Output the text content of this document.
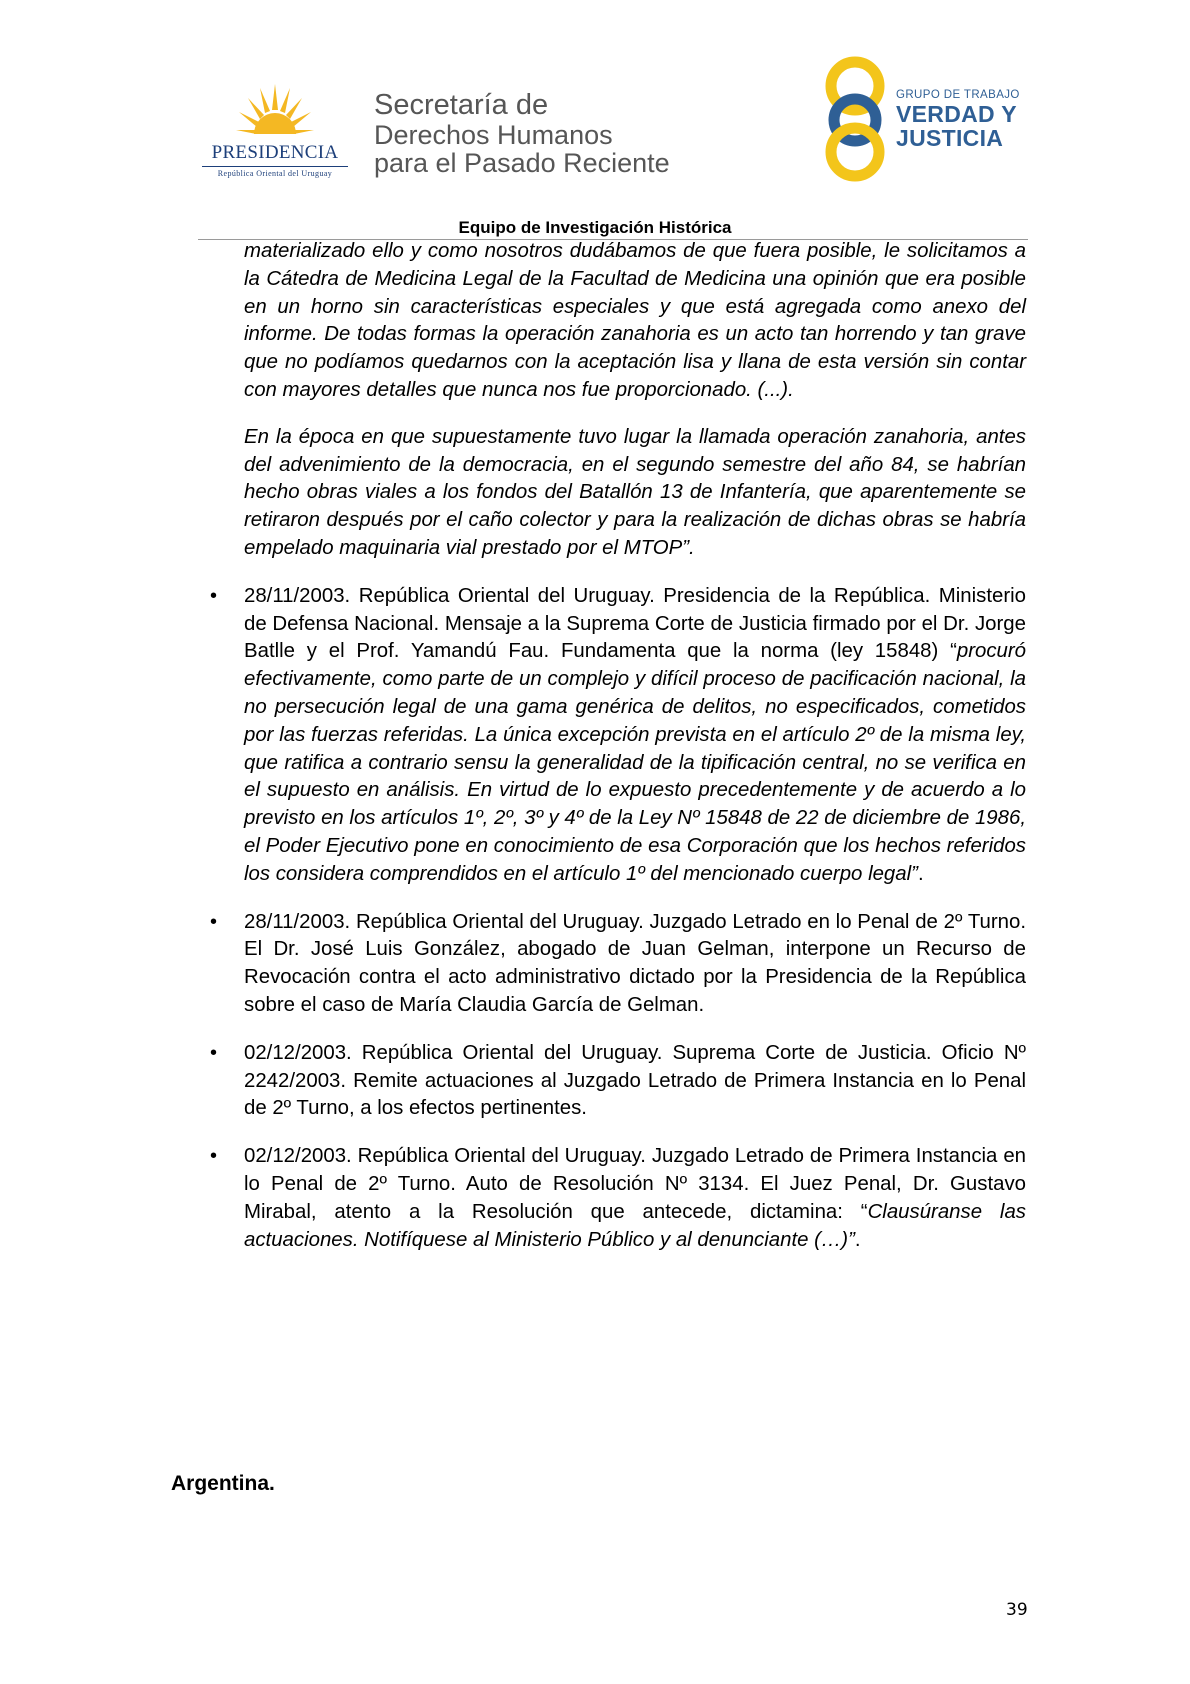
PRESIDENCIA
República Oriental del Uruguay
Secretaría de
Derechos Humanos
para el Pasado Reciente
GRUPO DE TRABAJO
VERDAD Y
JUSTICIA
Equipo de Investigación Histórica

materializado ello y como nosotros dudábamos de que fuera posible, le solicitamos a la Cátedra de Medicina Legal de la Facultad de Medicina una opinión que era posible en un horno sin características especiales y que está agregada como anexo del informe. De todas formas la operación zanahoria es un acto tan horrendo y tan grave que no podíamos quedarnos con la aceptación lisa y llana de esta versión sin contar con mayores detalles que nunca nos fue proporcionado. (...).

En la época en que supuestamente tuvo lugar la llamada operación zanahoria, antes del advenimiento de la democracia, en el segundo semestre del año 84, se habrían hecho obras viales a los fondos del Batallón 13 de Infantería, que aparentemente se retiraron después por el caño colector y para la realización de dichas obras se habría empelado maquinaria vial prestado por el MTOP”.

• 28/11/2003. República Oriental del Uruguay. Presidencia de la República. Ministerio de Defensa Nacional. Mensaje a la Suprema Corte de Justicia firmado por el Dr. Jorge Batlle y el Prof. Yamandú Fau. Fundamenta que la norma (ley 15848) “procuró efectivamente, como parte de un complejo y difícil proceso de pacificación nacional, la no persecución legal de una gama genérica de delitos, no especificados, cometidos por las fuerzas referidas. La única excepción prevista en el artículo 2º de la misma ley, que ratifica a contrario sensu la generalidad de la tipificación central, no se verifica en el supuesto en análisis. En virtud de lo expuesto precedentemente y de acuerdo a lo previsto en los artículos 1º, 2º, 3º y 4º de la Ley Nº 15848 de 22 de diciembre de 1986, el Poder Ejecutivo pone en conocimiento de esa Corporación que los hechos referidos los considera comprendidos en el artículo 1º del mencionado cuerpo legal”.

• 28/11/2003. República Oriental del Uruguay. Juzgado Letrado en lo Penal de 2º Turno. El Dr. José Luis González, abogado de Juan Gelman, interpone un Recurso de Revocación contra el acto administrativo dictado por la Presidencia de la República sobre el caso de María Claudia García de Gelman.

• 02/12/2003. República Oriental del Uruguay. Suprema Corte de Justicia. Oficio Nº 2242/2003. Remite actuaciones al Juzgado Letrado de Primera Instancia en lo Penal de 2º Turno, a los efectos pertinentes.

• 02/12/2003. República Oriental del Uruguay. Juzgado Letrado de Primera Instancia en lo Penal de 2º Turno. Auto de Resolución Nº 3134. El Juez Penal, Dr. Gustavo Mirabal, atento a la Resolución que antecede, dictamina: “Clausúranse las actuaciones. Notifíquese al Ministerio Público y al denunciante (…)”.

Argentina.
39
